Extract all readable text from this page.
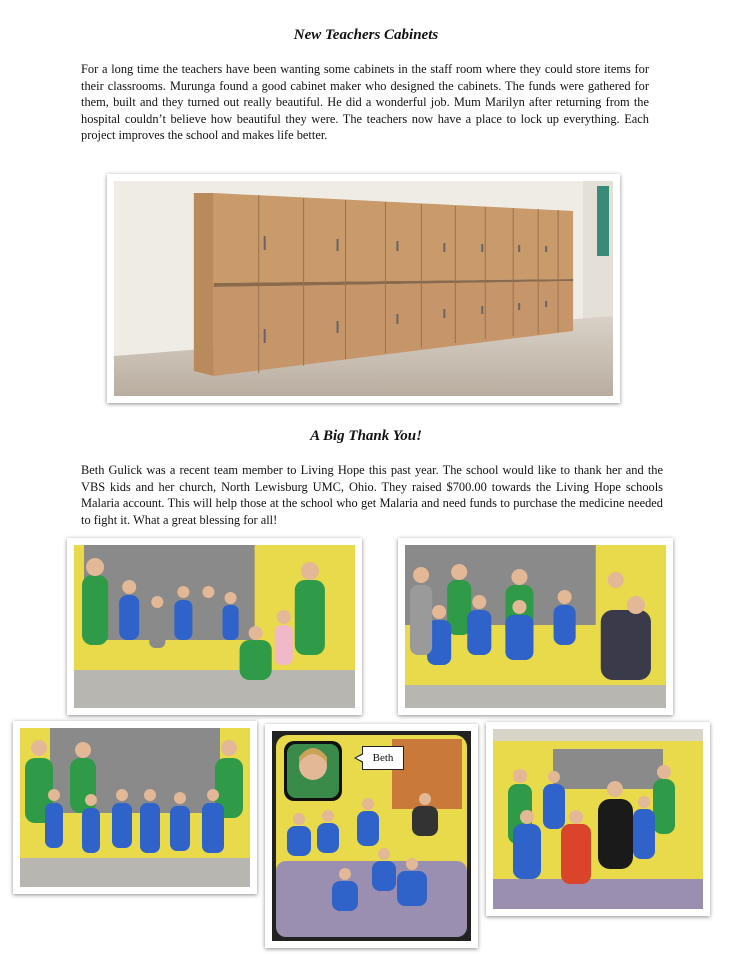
New Teachers Cabinets

For a long time the teachers have been wanting some cabinets in the staff room where they could store items for their classrooms. Murunga found a good cabinet maker who designed the cabinets. The funds were gathered for them, built and they turned out really beautiful. He did a wonderful job. Mum Marilyn after returning from the hospital couldn’t believe how beautiful they were. The teachers now have a place to lock up everything. Each project improves the school and makes life better.

A Big Thank You!

Beth Gulick was a recent team member to Living Hope this past year. The school would like to thank her and the VBS kids and her church, North Lewisburg UMC, Ohio. They raised $700.00 towards the Living Hope schools Malaria account. This will help those at the school who get Malaria and need funds to purchase the medicine needed to fight it. What a great blessing for all!

Beth
